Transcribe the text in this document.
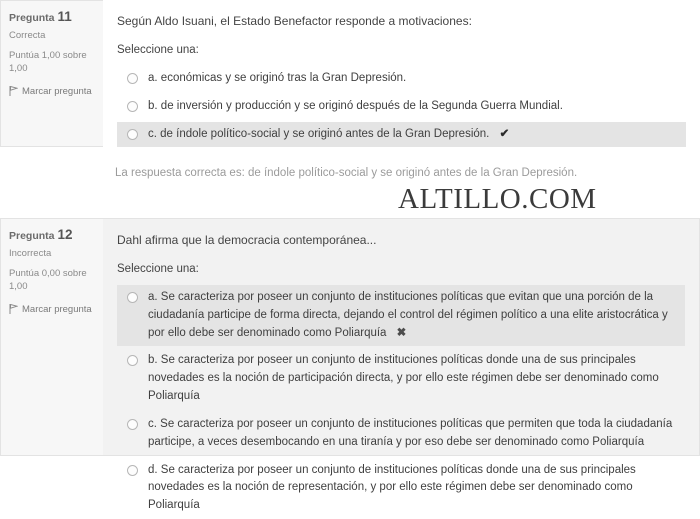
Pregunta 11
Correcta
Puntúa 1,00 sobre 1,00
Marcar pregunta
Según Aldo Isuani, el Estado Benefactor responde a motivaciones:
Seleccione una:
a. económicas y se originó tras la Gran Depresión.
b. de inversión y producción y se originó después de la Segunda Guerra Mundial.
c. de índole político-social y se originó antes de la Gran Depresión. ✔
La respuesta correcta es: de índole político-social y se originó antes de la Gran Depresión.
ALTILLO.COM
Pregunta 12
Incorrecta
Puntúa 0,00 sobre 1,00
Marcar pregunta
Dahl afirma que la democracia contemporánea...
Seleccione una:
a. Se caracteriza por poseer un conjunto de instituciones políticas que evitan que una porción de la ciudadanía participe de forma directa, dejando el control del régimen político a una elite aristocrática y por ello debe ser denominado como Poliarquía ✖
b. Se caracteriza por poseer un conjunto de instituciones políticas donde una de sus principales novedades es la noción de participación directa, y por ello este régimen debe ser denominado como Poliarquía
c. Se caracteriza por poseer un conjunto de instituciones políticas que permiten que toda la ciudadanía participe, a veces desembocando en una tiranía y por eso debe ser denominado como Poliarquía
d. Se caracteriza por poseer un conjunto de instituciones políticas donde una de sus principales novedades es la noción de representación, y por ello este régimen debe ser denominado como Poliarquía
